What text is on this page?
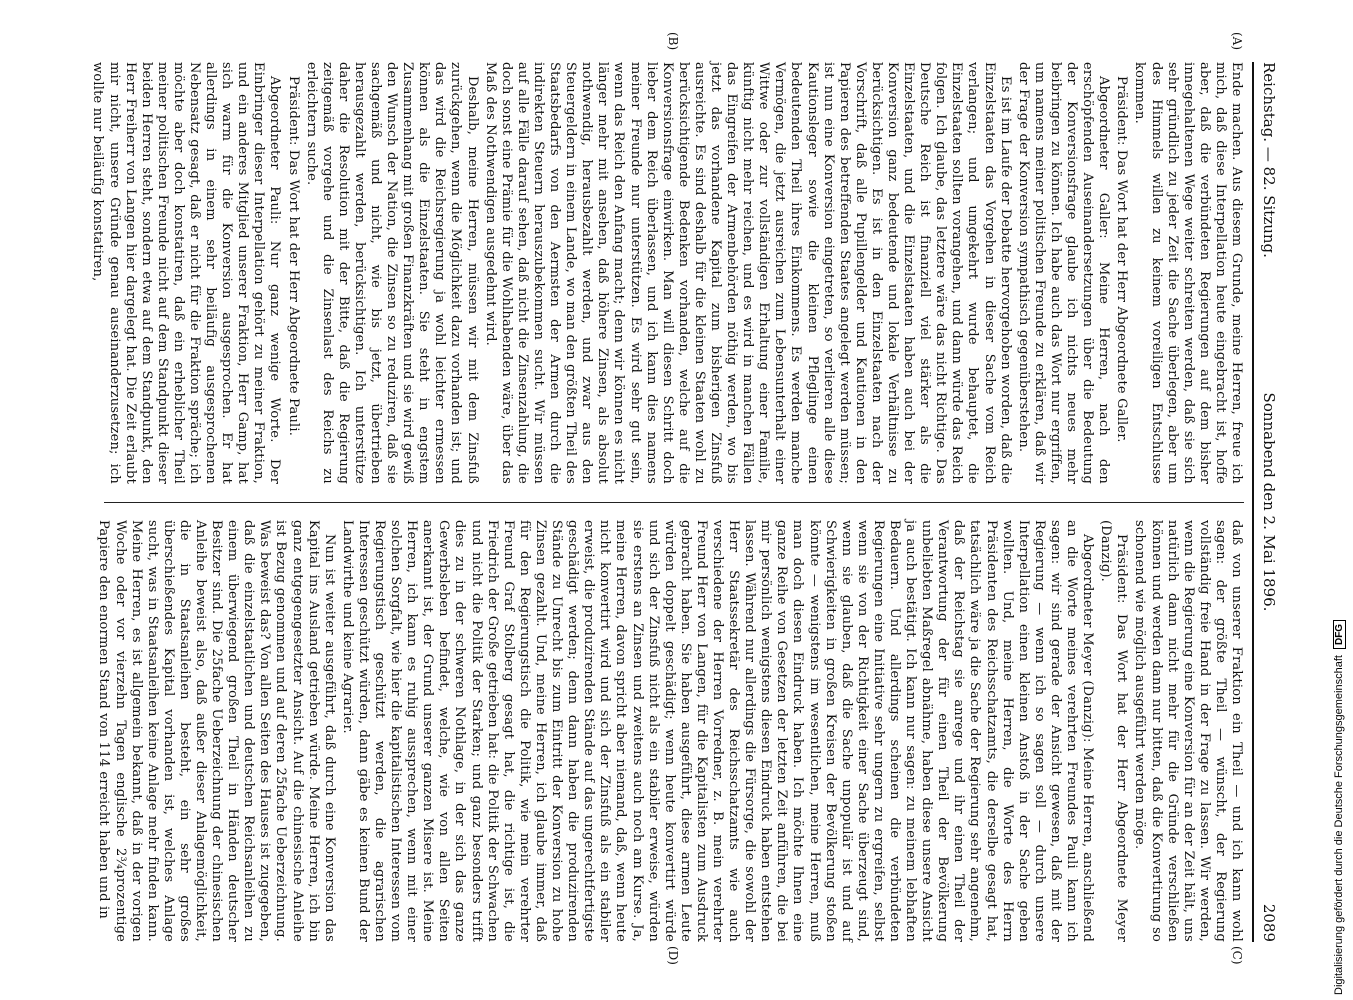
Reichstag. — 82. Sitzung.
Sonnabend den 2. Mai 1896.
2089

Ende machen. Aus diesem Grunde, meine Herren, freue ich mich, daß diese Interpellation heute eingebracht ist, hoffe aber, daß die verbündeten Regierungen auf dem bisher innegehaltenen Wege weiter schreiten werden, daß sie sich sehr gründlich zu jeder Zeit die Sache überlegen, aber um des Himmels willen zu keinem voreiligen Entschlusse kommen.

Präsident: Das Wort hat der Herr Abgeordnete Galler.

Abgeordneter Galler: Meine Herren, nach den erschöpfenden Auseinandersetzungen über die Bedeutung der Konversionsfrage glaube ich nichts neues mehr beibringen zu können. Ich habe auch das Wort nur ergriffen, um namens meiner politischen Freunde zu erklären, daß wir der Frage der Konversion sympathisch gegenüberstehen.

Es ist im Laufe der Debatte hervorgehoben worden, daß die Einzelstaaten das Vorgehen in dieser Sache vom Reich verlangen; und umgekehrt wurde behauptet, die Einzelstaaten sollten vorangehen, und dann würde das Reich folgen. Ich glaube, das letztere wäre das nicht Richtige. Das Deutsche Reich ist finanziell viel stärker als die Einzelstaaten, und die Einzelstaaten haben auch bei der Konversion ganz bedeutende und lokale Verhältnisse zu berücksichtigen. Es ist in den Einzelstaaten nach der Vorschrift, daß alle Pupillengelder und Kautionen in den Papieren des betreffenden Staates angelegt werden müssen; ist nun eine Konversion eingetreten, so verlieren alle diese Kautionsleger sowie die kleinen Pfleglinge einen bedeutenden Theil ihres Einkommens. Es werden manche Vermögen, die jetzt ausreichen zum Lebensunterhalt einer Wittwe oder zur vollständigen Erhaltung einer Familie, künftig nicht mehr reichen, und es wird in manchen Fällen das Eingreifen der Armenbehörden nöthig werden, wo bis jetzt das vorhandene Kapital zum bisherigen Zinsfuß ausreichte. Es sind deshalb für die kleinen Staaten wohl zu berücksichtigende Bedenken vorhanden, welche auf die Konversionsfrage einwirken. Man will diesen Schritt doch lieber dem Reich überlassen, und ich kann dies namens meiner Freunde nur unterstützen. Es wird sehr gut sein, wenn das Reich den Anfang macht; denn wir können es nicht länger mehr mit ansehen, daß höhere Zinsen, als absolut nothwendig, herausbezahlt werden, und zwar aus den Steuergeldern in einem Lande, wo man den größten Theil des Staatsbedarfs von den Aermsten der Armen durch die indirekten Steuern herauszubekommen sucht. Wir müssen auf alle Fälle darauf sehen, daß nicht die Zinsenzahlung, die doch sonst eine Prämie für die Wohlhabenden wäre, über das Maß des Nothwendigen ausgedehnt wird.

Deshalb, meine Herren, müssen wir mit dem Zinsfuß zurückgehen, wenn die Möglichkeit dazu vorhanden ist; und das wird die Reichsregierung ja wohl leichter ermessen können als die Einzelstaaten. Sie steht in engstem Zusammenhang mit großen Finanzkräften und sie wird gewiß den Wunsch der Nation, die Zinsen so zu reduziren, daß sie sachgemäß und nicht, wie bis jetzt, übertrieben herausgezahlt werden, berücksichtigen. Ich unterstütze daher die Resolution mit der Bitte, daß die Regierung zeitgemäß vorgehe und die Zinsenlast des Reichs zu erleichtern suche.

Präsident: Das Wort hat der Herr Abgeordnete Pauli.

Abgeordneter Pauli: Nur ganz wenige Worte. Der Einbringer dieser Interpellation gehört zu meiner Fraktion, und ein anderes Mitglied unserer Fraktion, Herr Gamp, hat sich warm für die Konversion ausgesprochen. Er hat allerdings in einem sehr beiläufig ausgesprochenen Nebensatz gesagt, daß er nicht für die Fraktion spräche; ich möchte aber doch konstatiren, daß ein erheblicher Theil meiner politischen Freunde nicht auf dem Standpunkt dieser beiden Herren steht, sondern etwa auf dem Standpunkt, den Herr Freiherr von Langen hier dargelegt hat. Die Zeit erlaubt mir nicht, unsere Gründe genau auseinanderzusetzen; ich wollte nur beiläufig konstatiren,

daß von unserer Fraktion ein Theil — und ich kann wohl sagen: der größte Theil — wünscht, der Regierung vollständig freie Hand in der Frage zu lassen. Wir werden, wenn die Regierung eine Konversion für an der Zeit hält, uns natürlich dann nicht mehr für die Gründe verschließen können und werden dann nur bitten, daß die Konvertirung so schonend wie möglich ausgeführt werden möge.

Präsident: Das Wort hat der Herr Abgeordnete Meyer (Danzig).

Abgeordneter Meyer (Danzig): Meine Herren, anschließend an die Worte meines verehrten Freundes Pauli kann ich sagen: wir sind gerade der Ansicht gewesen, daß mit der Regierung — wenn ich so sagen soll — durch unsere Interpellation einen kleinen Anstoß in der Sache geben wollten. Und, meine Herren, die Worte des Herrn Präsidenten des Reichsschatzamts, die derselbe gesagt hat, tatsächlich wäre ja die Sache der Regierung sehr angenehm, daß der Reichstag sie anrege und ihr einen Theil der Verantwortung der für einen Theil der Bevölkerung unbeliebten Maßregel abnähme, haben diese unsere Ansicht ja auch bestätigt. Ich kann nur sagen: zu meinem lebhaften Bedauern. Und allerdings scheinen die verbündeten Regierungen eine Initiative sehr ungern zu ergreifen, selbst wenn sie von der Richtigkeit einer Sache überzeugt sind, wenn sie glauben, daß die Sache unpopulär ist und auf Schwierigkeiten in großen Kreisen der Bevölkerung stoßen könnte — wenigstens im wesentlichen, meine Herren, muß man doch diesen Eindruck haben. Ich möchte Ihnen eine ganze Reihe von Gesetzen der letzten Zeit anführen, die bei mir persönlich wenigstens diesen Eindruck haben entstehen lassen. Während nur allerdings die Fürsorge, die sowohl der Herr Staatssekretär des Reichsschatzamts wie auch verschiedene der Herren Vorredner, z. B. mein verehrter Freund Herr von Langen, für die Kapitalisten zum Ausdruck gebracht haben. Sie haben ausgeführt, diese armen Leute würden doppelt geschädigt; wenn heute konvertirt würde und sich der Zinsfuß nicht als ein stabiler erweise, würden sie erstens an Zinsen und zweitens auch noch am Kurse. Ja, meine Herren, davon spricht aber niemand, daß, wenn heute nicht konvertirt wird und sich der Zinsfuß als ein stabiler erweist, die produzirenden Stände auf das ungerechtfertigste geschädigt werden; denn dann haben die produzirenden Stände zu Unrecht bis zum Eintritt der Konversion zu hohe Zinsen gezahlt. Und, meine Herren, ich glaube immer, daß für den Regierungstisch die Politik, wie mein verehrter Freund Graf Stolberg gesagt hat, die richtige ist, die Friedrich der Große getrieben hat: die Politik der Schwachen und nicht die Politik der Starken; und ganz besonders trifft dies zu in der schweren Nothlage, in der sich das ganze Gewerbsleben befindet, welche, wie von allen Seiten anerkannt ist, der Grund unserer ganzen Misere ist. Meine Herren, ich kann es ruhig aussprechen, wenn mit einer solchen Sorgfalt, wie hier die kapitalistischen Interessen vom Regierungstisch geschützt werden, die agrarischen Interessen geschützt würden, dann gäbe es keinen Bund der Landwirthe und keine Agrarier.

Nun ist weiter ausgeführt, daß durch eine Konversion das Kapital ins Ausland getrieben würde. Meine Herren, ich bin ganz entgegengesetzter Ansicht. Auf die chinesische Anleihe ist Bezug genommen und auf deren 25fache Ueberzeichnung. Was beweist das? Von allen Seiten des Hauses ist zugegeben, daß die einzelstaatlichen und deutschen Reichsanleihen zu einem überwiegend großen Theil in Händen deutscher Besitzer sind. Die 25fache Ueberzeichnung der chinesischen Anleihe beweist also, daß außer dieser Anlagemöglichkeit, die in Staatsanleihen besteht, ein sehr großes überschießendes Kapital vorhanden ist, welches Anlage sucht, was in Staatsanleihen keine Anlage mehr finden kann. Meine Herren, es ist allgemein bekannt, daß in der vorigen Woche oder vor vierzehn Tagen englische 2¾prozentige Papiere den enormen Stand von 114 erreicht haben und in

(A)
(B)
(C)
(D)	Digitalisierung gefördert durch die Deutsche ForschungsgemeinschaftDFG
